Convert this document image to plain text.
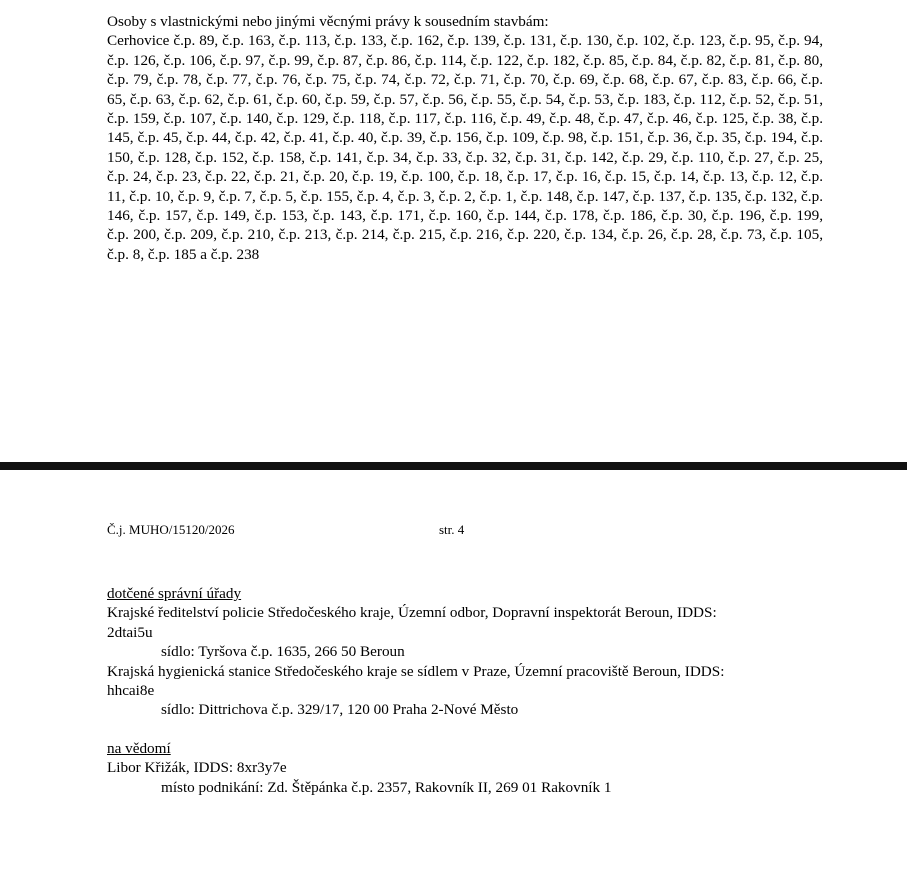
Osoby s vlastnickými nebo jinými věcnými právy k sousedním stavbám:
Cerhovice č.p. 89, č.p. 163, č.p. 113, č.p. 133, č.p. 162, č.p. 139, č.p. 131, č.p. 130, č.p. 102, č.p. 123, č.p. 95, č.p. 94, č.p. 126, č.p. 106, č.p. 97, č.p. 99, č.p. 87, č.p. 86, č.p. 114, č.p. 122, č.p. 182, č.p. 85, č.p. 84, č.p. 82, č.p. 81, č.p. 80, č.p. 79, č.p. 78, č.p. 77, č.p. 76, č.p. 75, č.p. 74, č.p. 72, č.p. 71, č.p. 70, č.p. 69, č.p. 68, č.p. 67, č.p. 83, č.p. 66, č.p. 65, č.p. 63, č.p. 62, č.p. 61, č.p. 60, č.p. 59, č.p. 57, č.p. 56, č.p. 55, č.p. 54, č.p. 53, č.p. 183, č.p. 112, č.p. 52, č.p. 51, č.p. 159, č.p. 107, č.p. 140, č.p. 129, č.p. 118, č.p. 117, č.p. 116, č.p. 49, č.p. 48, č.p. 47, č.p. 46, č.p. 125, č.p. 38, č.p. 145, č.p. 45, č.p. 44, č.p. 42, č.p. 41, č.p. 40, č.p. 39, č.p. 156, č.p. 109, č.p. 98, č.p. 151, č.p. 36, č.p. 35, č.p. 194, č.p. 150, č.p. 128, č.p. 152, č.p. 158, č.p. 141, č.p. 34, č.p. 33, č.p. 32, č.p. 31, č.p. 142, č.p. 29, č.p. 110, č.p. 27, č.p. 25, č.p. 24, č.p. 23, č.p. 22, č.p. 21, č.p. 20, č.p. 19, č.p. 100, č.p. 18, č.p. 17, č.p. 16, č.p. 15, č.p. 14, č.p. 13, č.p. 12, č.p. 11, č.p. 10, č.p. 9, č.p. 7, č.p. 5, č.p. 155, č.p. 4, č.p. 3, č.p. 2, č.p. 1, č.p. 148, č.p. 147, č.p. 137, č.p. 135, č.p. 132, č.p. 146, č.p. 157, č.p. 149, č.p. 153, č.p. 143, č.p. 171, č.p. 160, č.p. 144, č.p. 178, č.p. 186, č.p. 30, č.p. 196, č.p. 199, č.p. 200, č.p. 209, č.p. 210, č.p. 213, č.p. 214, č.p. 215, č.p. 216, č.p. 220, č.p. 134, č.p. 26, č.p. 28, č.p. 73, č.p. 105, č.p. 8, č.p. 185 a č.p. 238
Č.j. MUHO/15120/2026	str. 4
dotčené správní úřady
Krajské ředitelství policie Středočeského kraje, Územní odbor, Dopravní inspektorát Beroun, IDDS:
2dtai5u
sídlo: Tyršova č.p. 1635, 266 50 Beroun
Krajská hygienická stanice Středočeského kraje se sídlem v Praze, Územní pracoviště Beroun, IDDS:
hhcai8e
sídlo: Dittrichova č.p. 329/17, 120 00 Praha 2-Nové Město
na vědomí
Libor Křižák, IDDS: 8xr3y7e
místo podnikání: Zd. Štěpánka č.p. 2357, Rakovník II, 269 01 Rakovník 1
